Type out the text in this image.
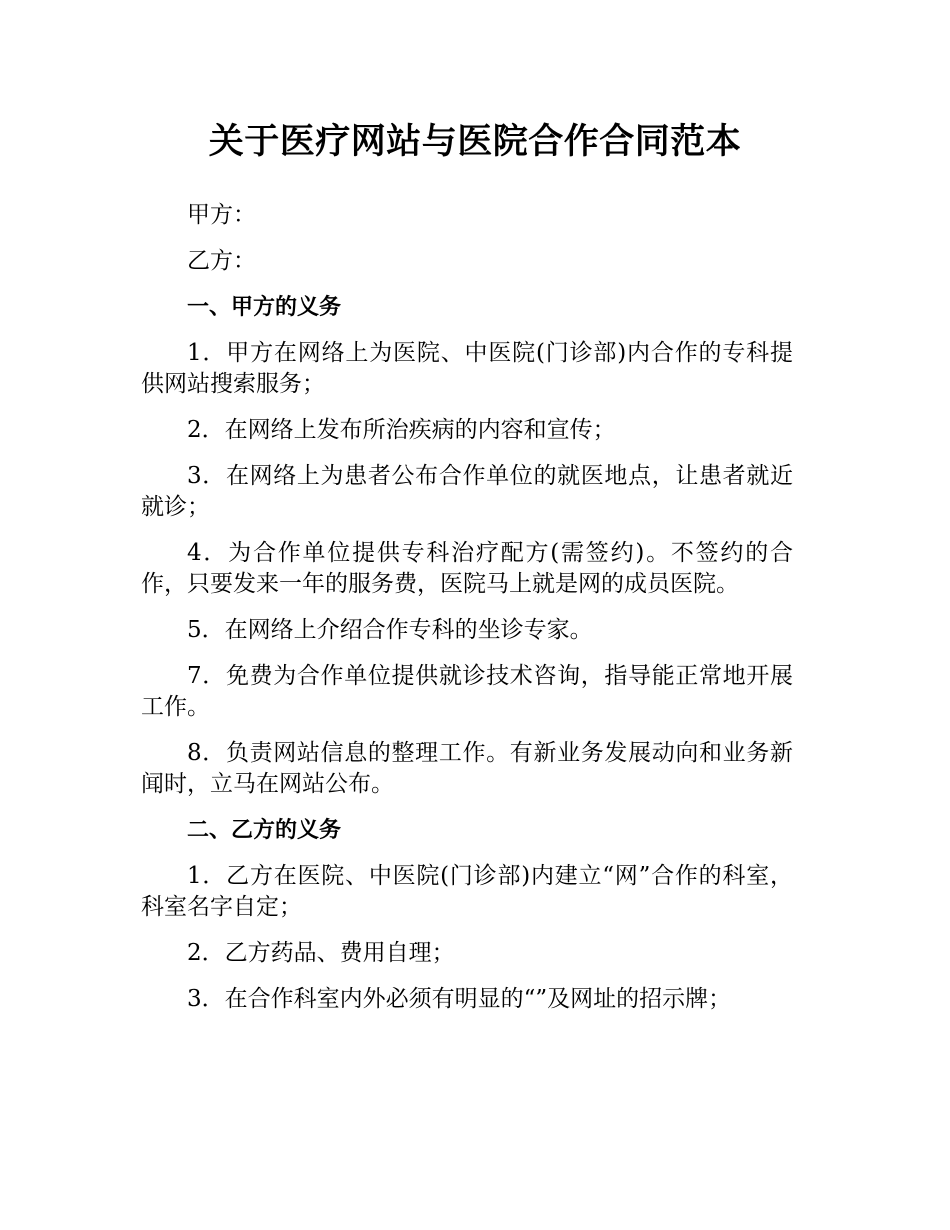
关于医疗网站与医院合作合同范本

甲方：

乙方：

一、甲方的义务

1．甲方在网络上为医院、中医院(门诊部)内合作的专科提供网站搜索服务；

2．在网络上发布所治疾病的内容和宣传；

3．在网络上为患者公布合作单位的就医地点，让患者就近就诊；

4．为合作单位提供专科治疗配方(需签约)。不签约的合作，只要发来一年的服务费，医院马上就是网的成员医院。

5．在网络上介绍合作专科的坐诊专家。

7．免费为合作单位提供就诊技术咨询，指导能正常地开展工作。

8．负责网站信息的整理工作。有新业务发展动向和业务新闻时，立马在网站公布。

二、乙方的义务

1．乙方在医院、中医院(门诊部)内建立“网”合作的科室，科室名字自定；

2．乙方药品、费用自理；

3．在合作科室内外必须有明显的“”及网址的招示牌；
